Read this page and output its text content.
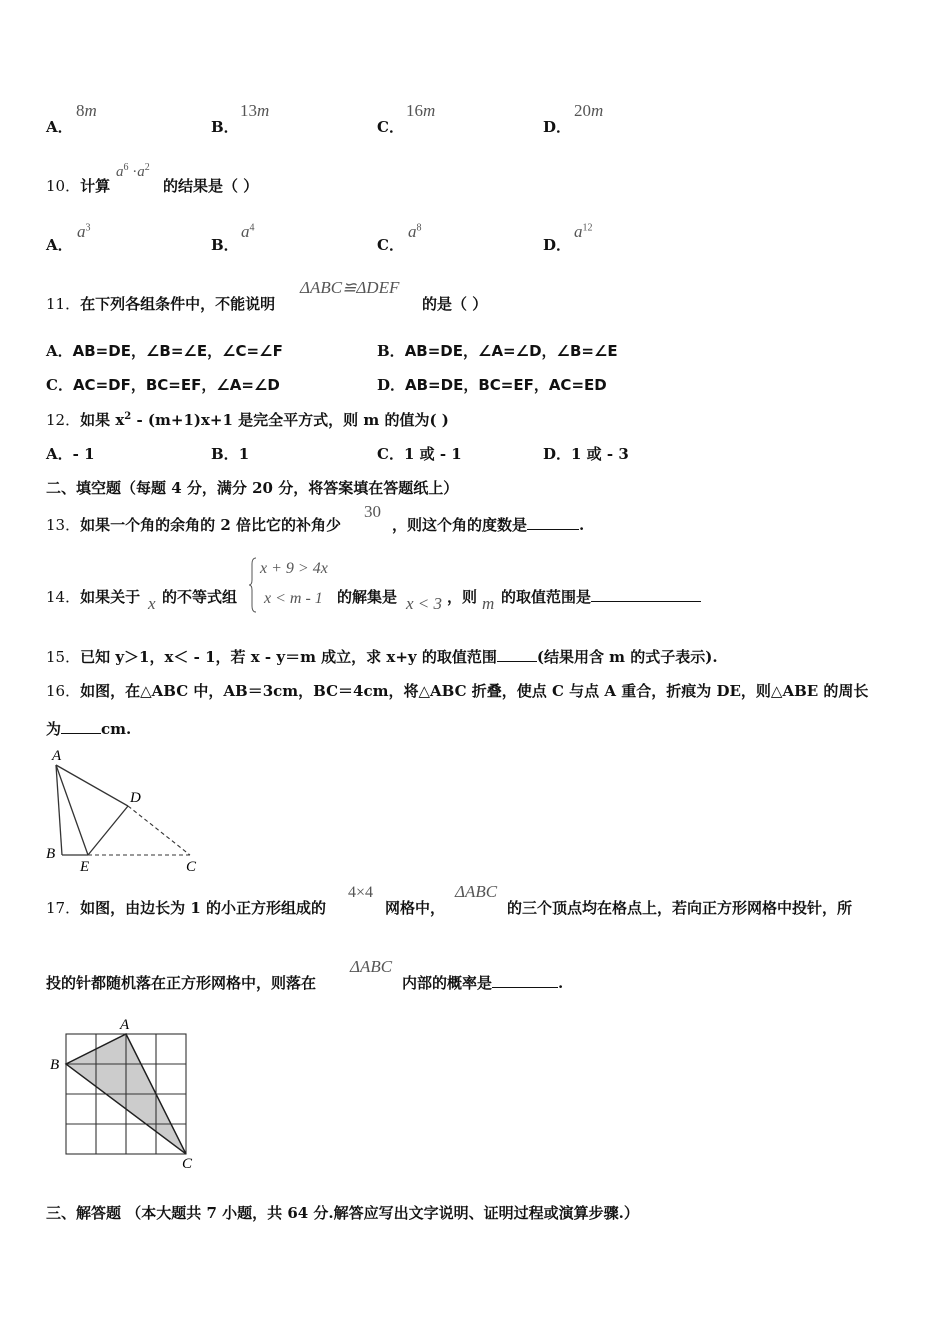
A．
8m
B．
13m
C．
16m
D．
20m
10．计算
$a^6 \cdot a^2$
的结果是（ ）
A．
$a^3$
B．
$a^4$
C．
$a^8$
D．
$a^{12}$
11．在下列各组条件中，不能说明
ΔABC≌ΔDEF
的是（ ）
A．AB=DE，∠B=∠E，∠C=∠F	B．AB=DE，∠A=∠D，∠B=∠E
C．AC=DF，BC=EF，∠A=∠D	D．AB=DE，BC=EF，AC=ED
12．如果 $x^2 - (m+1)x+1$ 是完全平方式，则 m 的值为( )
A．- 1	B．1	C．1 或 - 1	D．1 或 - 3
二、填空题（每题 4 分，满分 20 分，将答案填在答题纸上）
13．如果一个角的余角的 2 倍比它的补角少
30
，则这个角的度数是	.
14．如果关于 x 的不等式组
x + 9 > 4x
x < m - 1 的解集是 x < 3 ，则 m 的取值范围是
15．已知 y＞1，x＜ - 1，若 x - y＝m 成立，求 x+y 的取值范围	(结果用含 m 的式子表示).
16．如图，在△ABC 中，AB＝3cm，BC＝4cm，将△ABC 折叠，使点 C 与点 A 重合，折痕为 DE，则△ABE 的周长
为	cm.
A
B
C
D
E
17．如图，由边长为 1 的小正方形组成的
4×4
网格中，
ΔABC
的三个顶点均在格点上，若向正方形网格中投针，所
投的针都随机落在正方形网格中，则落在
ΔABC
内部的概率是	.
A
B
C
三、解答题 （本大题共 7 小题，共 64 分.解答应写出文字说明、证明过程或演算步骤.）
